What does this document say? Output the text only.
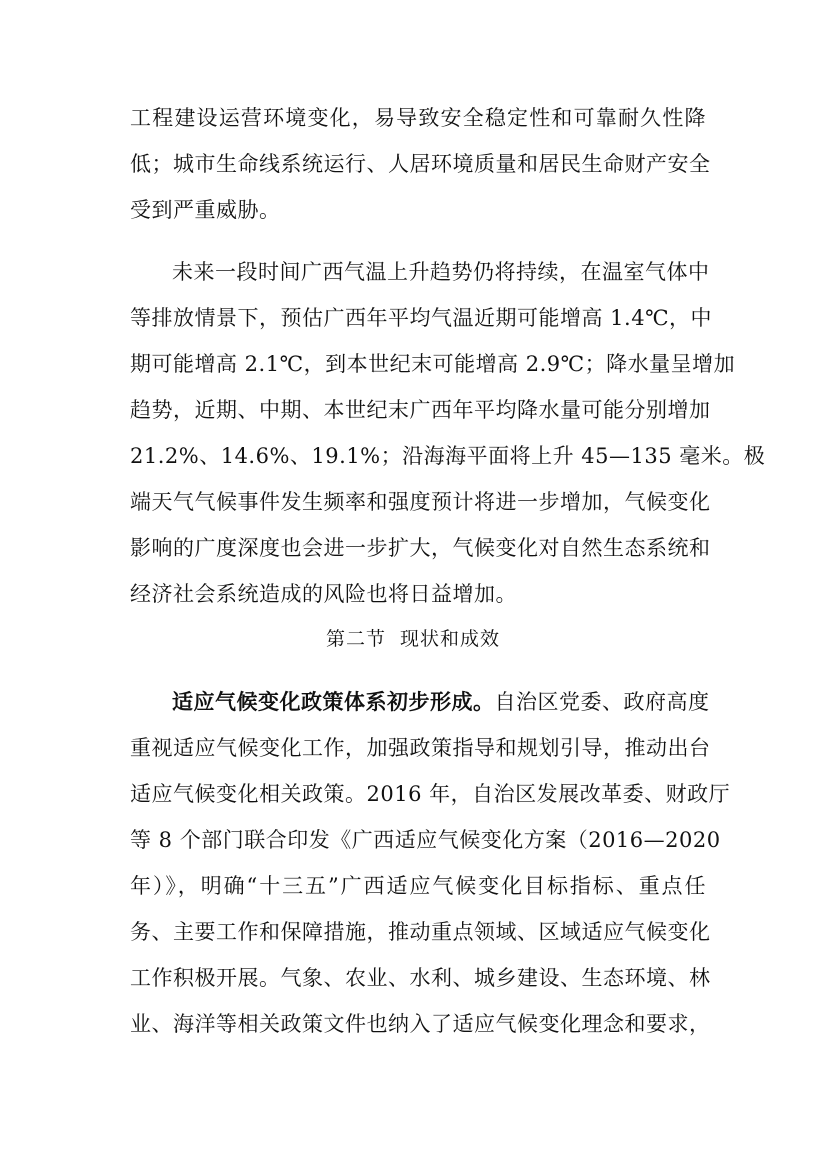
工程建设运营环境变化，易导致安全稳定性和可靠耐久性降
低；城市生命线系统运行、人居环境质量和居民生命财产安全
受到严重威胁。
未来一段时间广西气温上升趋势仍将持续，在温室气体中
等排放情景下，预估广西年平均气温近期可能增高 1.4℃，中
期可能增高 2.1℃，到本世纪末可能增高 2.9℃；降水量呈增加
趋势，近期、中期、本世纪末广西年平均降水量可能分别增加
21.2%、14.6%、19.1%；沿海海平面将上升 45—135 毫米。极
端天气气候事件发生频率和强度预计将进一步增加，气候变化
影响的广度深度也会进一步扩大，气候变化对自然生态系统和
经济社会系统造成的风险也将日益增加。
第二节 现状和成效
适应气候变化政策体系初步形成。自治区党委、政府高度
重视适应气候变化工作，加强政策指导和规划引导，推动出台
适应气候变化相关政策。2016 年，自治区发展改革委、财政厅
等 8 个部门联合印发《广西适应气候变化方案（2016—2020
年）》，明确“十三五”广西适应气候变化目标指标、重点任
务、主要工作和保障措施，推动重点领域、区域适应气候变化
工作积极开展。气象、农业、水利、城乡建设、生态环境、林
业、海洋等相关政策文件也纳入了适应气候变化理念和要求，
